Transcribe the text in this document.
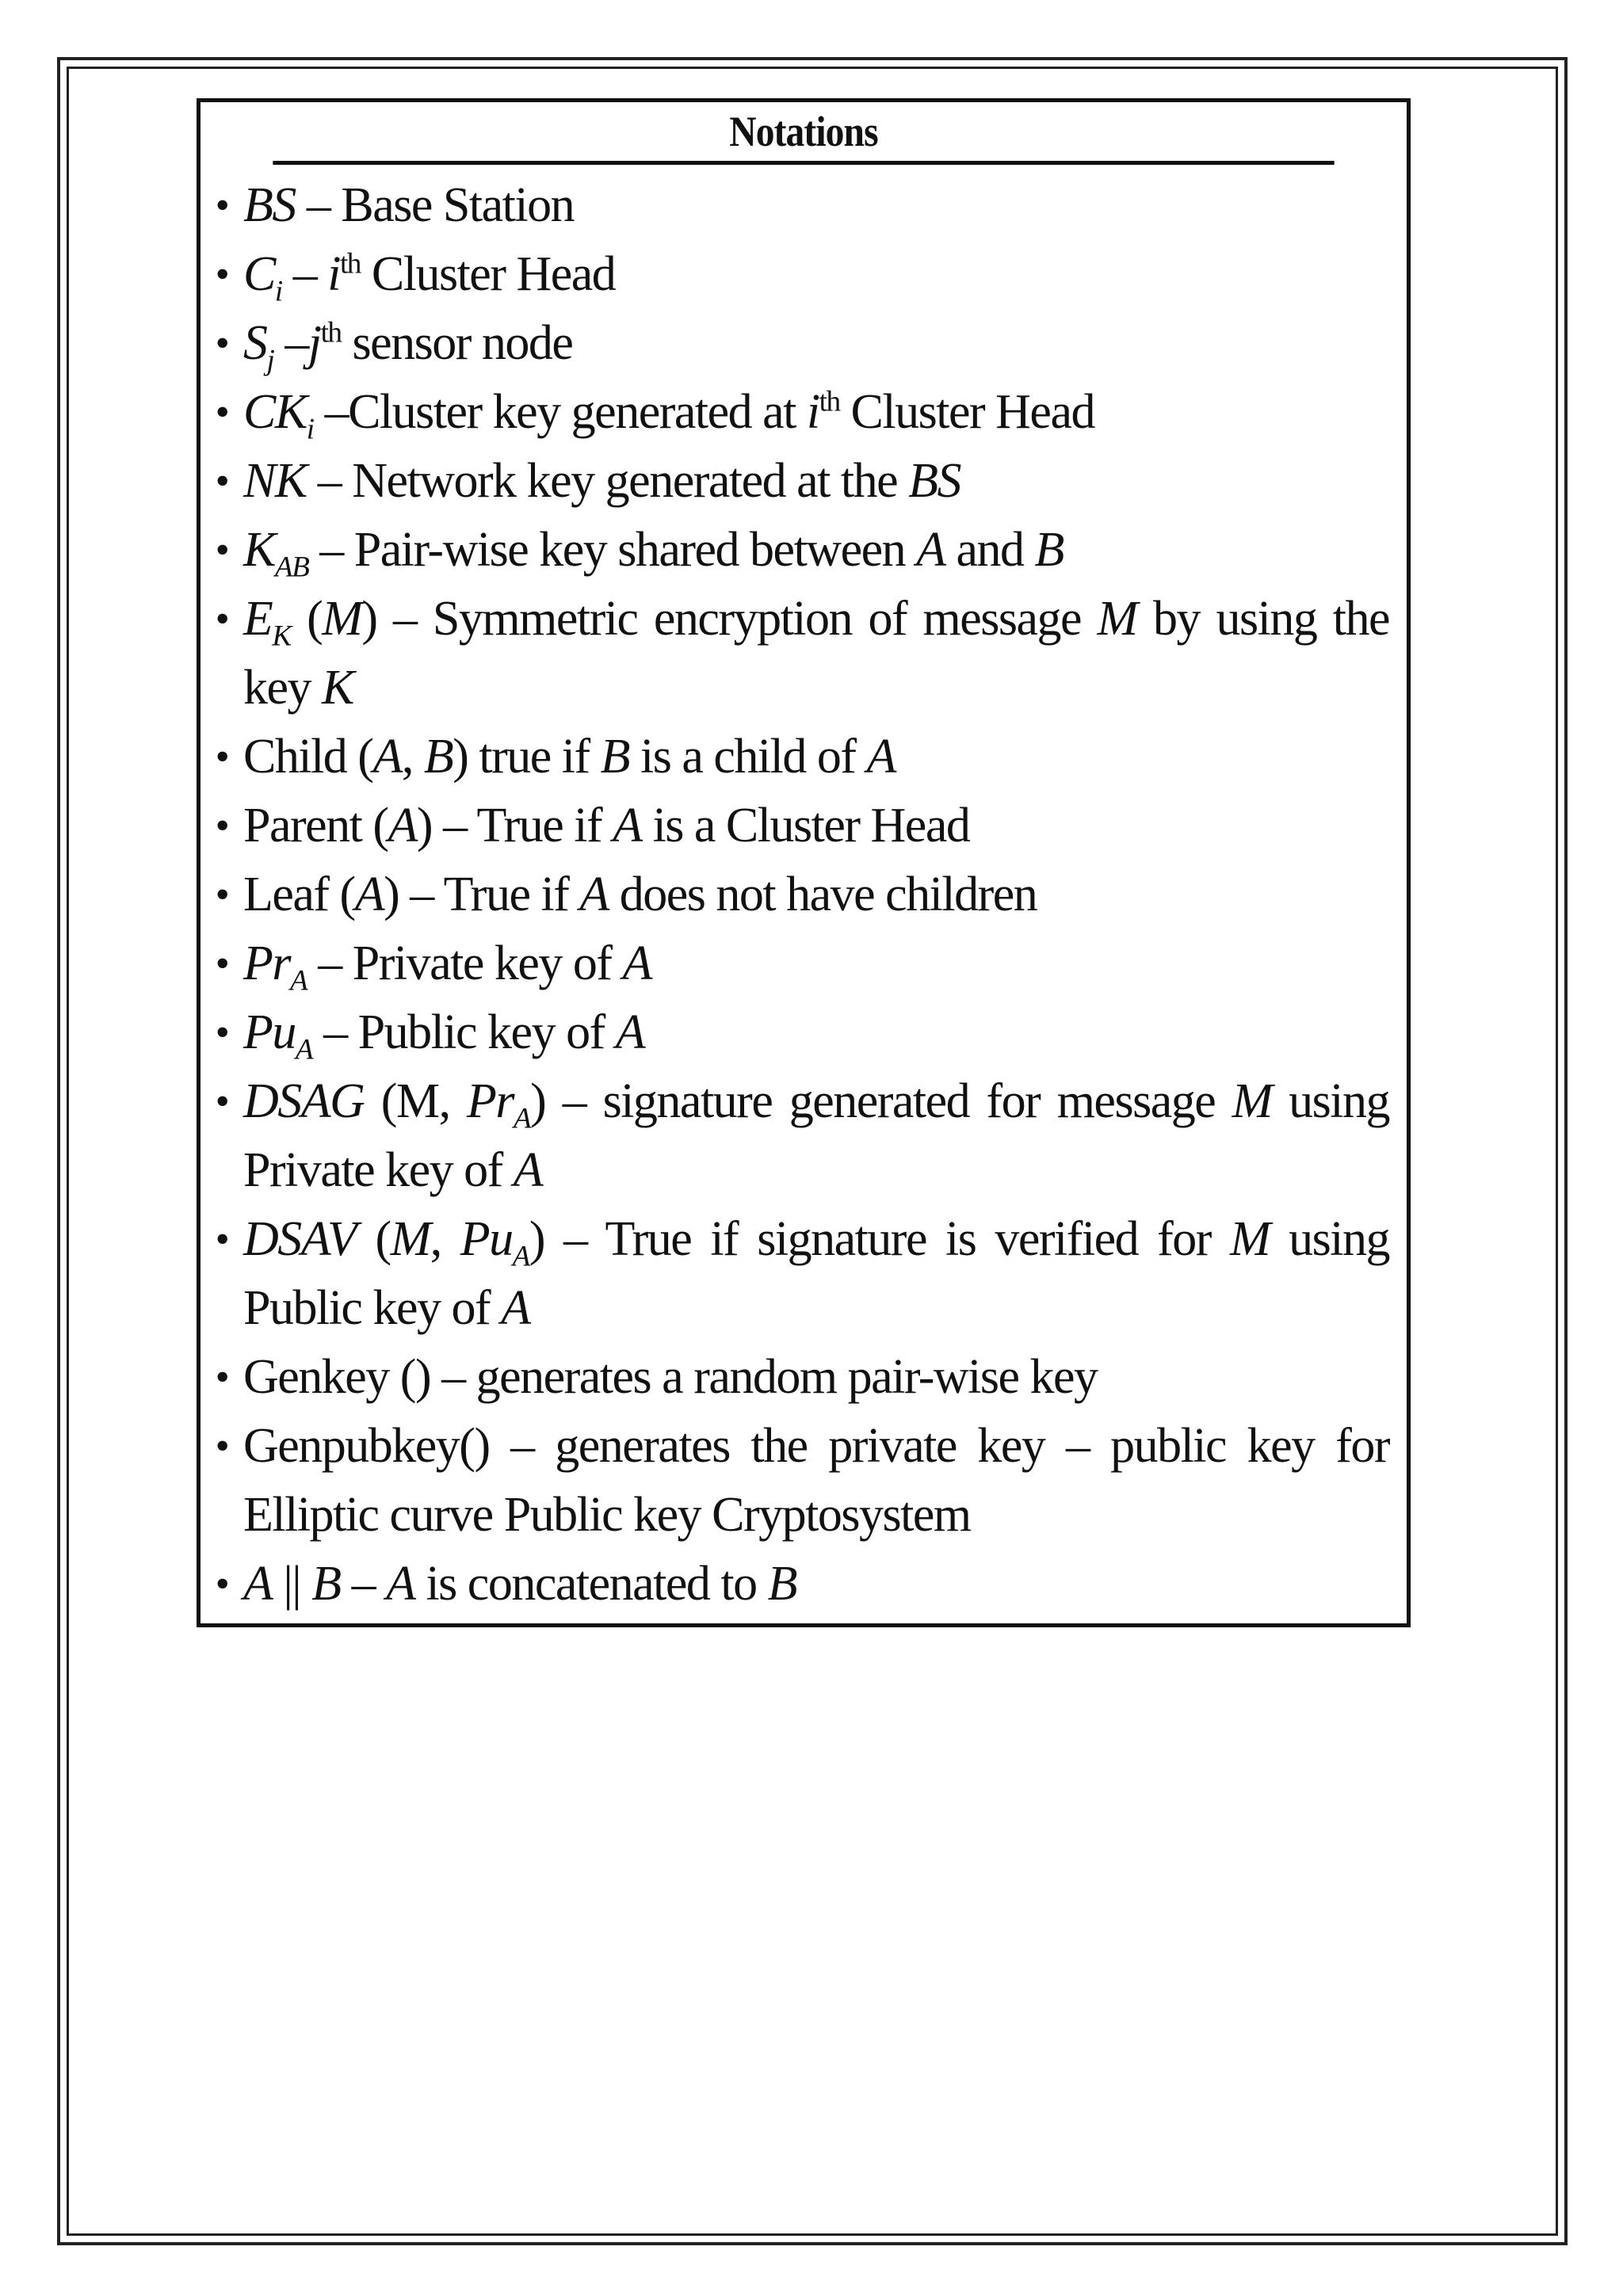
Notations
• BS – Base Station
• $C_i - i^{th}$ Cluster Head
• $S_j$ $-j^{th}$ sensor node
• $CK_i$ –Cluster key generated at $i^{th}$ Cluster Head
• NK – Network key generated at the BS
• $K_{AB}$ – Pair-wise key shared between A and B
• $E_K$ (M) – Symmetric encryption of message M by using the key K
• Child (A, B) true if B is a child of A
• Parent (A) – True if A is a Cluster Head
• Leaf (A) – True if A does not have children
• $Pr_A$ – Private key of A
• $Pu_A$ – Public key of A
• DSAG (M, $Pr_A$) – signature generated for message M using Private key of A
• DSAV (M, $Pu_A$) – True if signature is verified for M using Public key of A
• Genkey () – generates a random pair-wise key
• Genpubkey() – generates the private key – public key for Elliptic curve Public key Cryptosystem
• A || B – A is concatenated to B
